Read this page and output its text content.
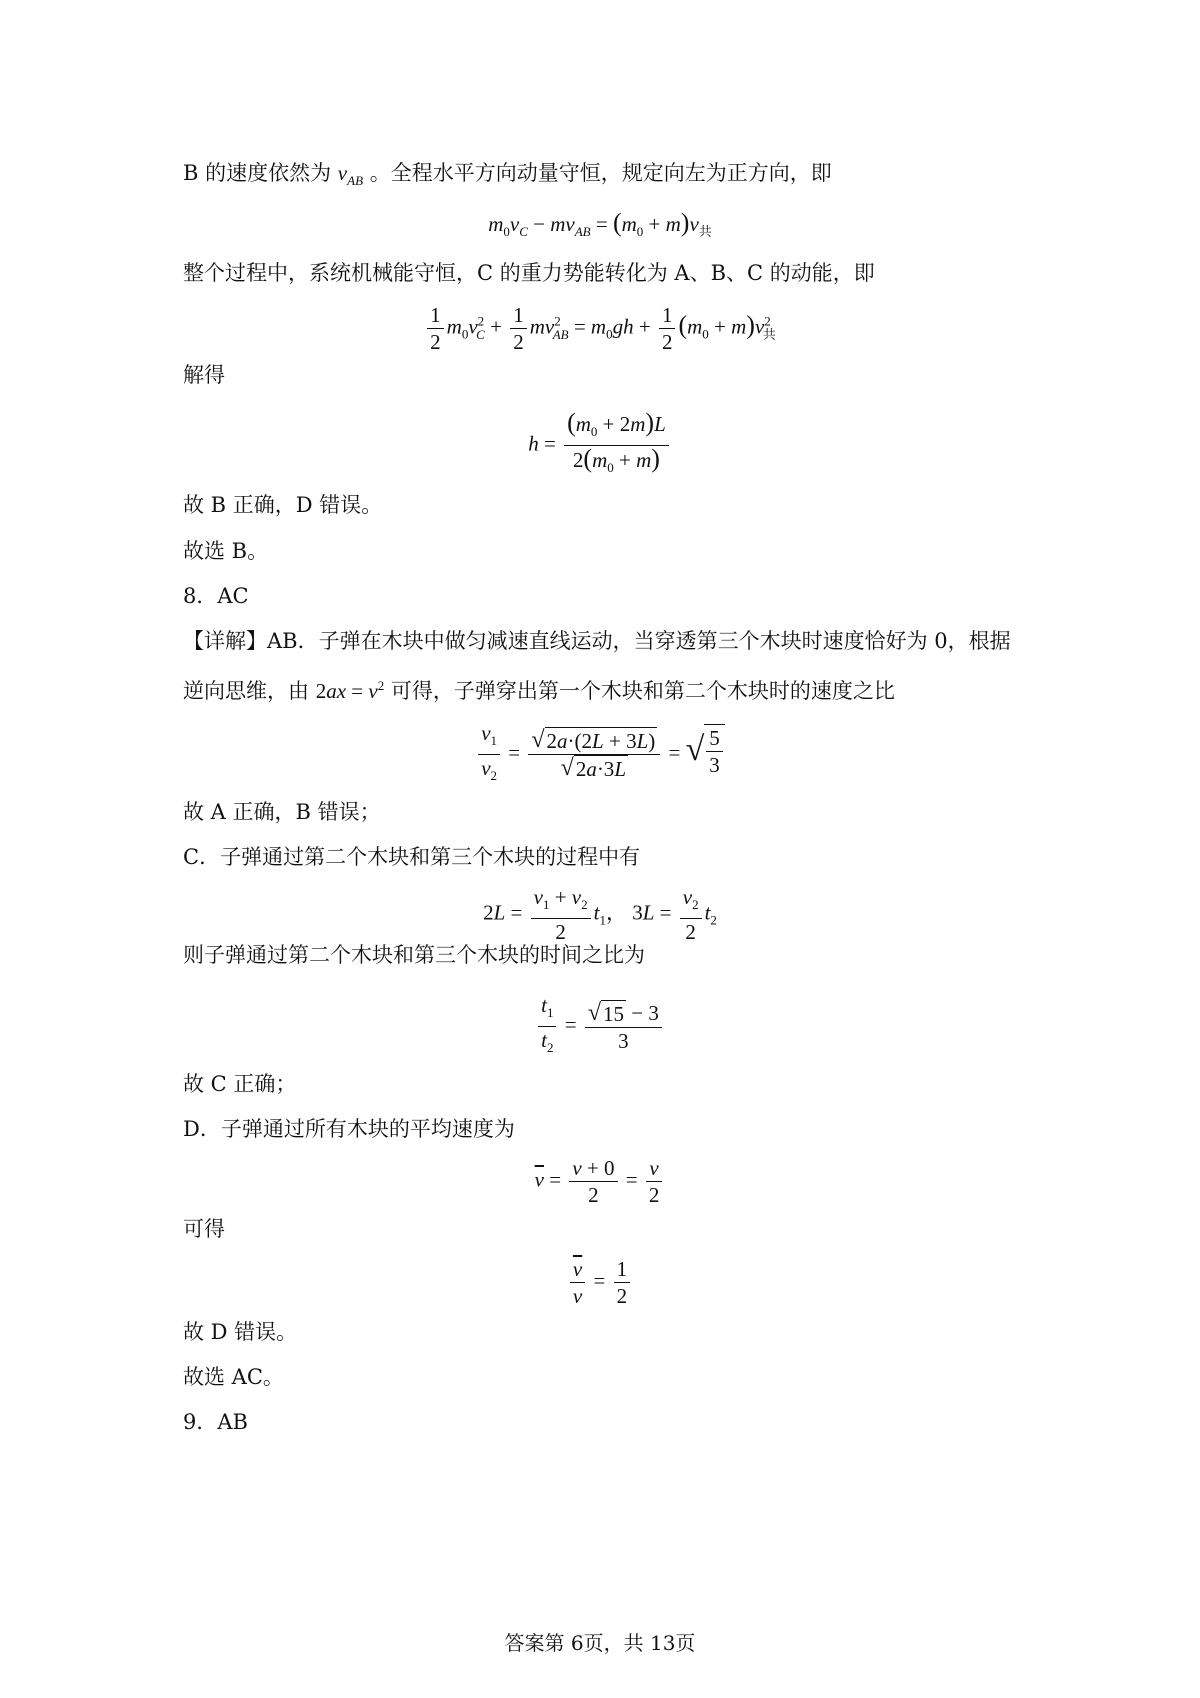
B 的速度依然为 $v_{AB}$ 。全程水平方向动量守恒，规定向左为正方向，即
$m_0v_C - mv_{AB} = (m_0 + m)v_共$
整个过程中，系统机械能守恒，C 的重力势能转化为 A、B、C 的动能，即
$\frac{1}{2} m_0v^2_C + \frac{1}{2} mv^2_{AB} = m_0gh + \frac{1}{2} (m_0 + m)v^2_共$
解得
$h = \frac{(m_0 + 2m)L}{2(m_0 + m)}$
故 B 正确，D 错误。
故选 B。
8．AC
【详解】AB．子弹在木块中做匀减速直线运动，当穿透第三个木块时速度恰好为 0，根据
逆向思维，由 $2ax = v^2$ 可得，子弹穿出第一个木块和第二个木块时的速度之比
$\frac{v_1}{v_2} = \frac{√ 2a\cdot(2L + 3L)}{√ 2a\cdot 3L}$ = √ $\frac{5}{3}$
故 A 正确，B 错误；
C．子弹通过第二个木块和第三个木块的过程中有
$2L = \frac{v_1 + v_2}{2} t_1$， $3L = \frac{v_2}{2} t_2$
则子弹通过第二个木块和第三个木块的时间之比为
$\frac{t_1}{t_2} = \frac{√ 15 - 3}{3}$
故 C 正确；
D．子弹通过所有木块的平均速度为
$\overline{v} = \frac{v + 0}{2} = \frac{v}{2}$
可得
$\frac{\overline{v}}{v} = \frac{1}{2}$
故 D 错误。
故选 AC。
9．AB
答案第 6页，共 13页
